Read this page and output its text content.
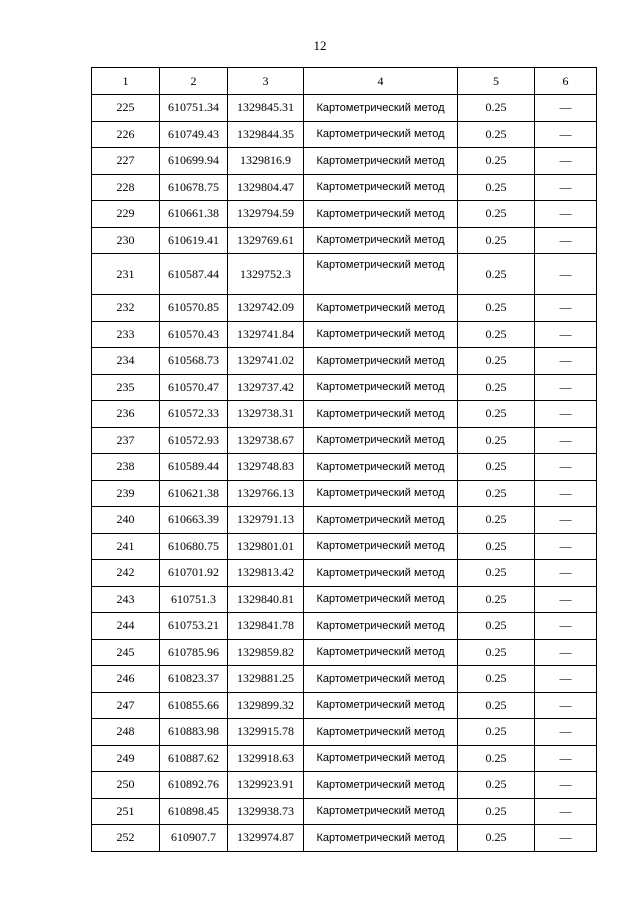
12
1	2	3	4	5	6
225	610751.34	1329845.31	Картометрический метод	0.25	—
226	610749.43	1329844.35	Картометрический метод	0.25	—
227	610699.94	1329816.9	Картометрический метод	0.25	—
228	610678.75	1329804.47	Картометрический метод	0.25	—
229	610661.38	1329794.59	Картометрический метод	0.25	—
230	610619.41	1329769.61	Картометрический метод	0.25	—
231	610587.44	1329752.3	Картометрический метод	0.25	—
232	610570.85	1329742.09	Картометрический метод	0.25	—
233	610570.43	1329741.84	Картометрический метод	0.25	—
234	610568.73	1329741.02	Картометрический метод	0.25	—
235	610570.47	1329737.42	Картометрический метод	0.25	—
236	610572.33	1329738.31	Картометрический метод	0.25	—
237	610572.93	1329738.67	Картометрический метод	0.25	—
238	610589.44	1329748.83	Картометрический метод	0.25	—
239	610621.38	1329766.13	Картометрический метод	0.25	—
240	610663.39	1329791.13	Картометрический метод	0.25	—
241	610680.75	1329801.01	Картометрический метод	0.25	—
242	610701.92	1329813.42	Картометрический метод	0.25	—
243	610751.3	1329840.81	Картометрический метод	0.25	—
244	610753.21	1329841.78	Картометрический метод	0.25	—
245	610785.96	1329859.82	Картометрический метод	0.25	—
246	610823.37	1329881.25	Картометрический метод	0.25	—
247	610855.66	1329899.32	Картометрический метод	0.25	—
248	610883.98	1329915.78	Картометрический метод	0.25	—
249	610887.62	1329918.63	Картометрический метод	0.25	—
250	610892.76	1329923.91	Картометрический метод	0.25	—
251	610898.45	1329938.73	Картометрический метод	0.25	—
252	610907.7	1329974.87	Картометрический метод	0.25	—
